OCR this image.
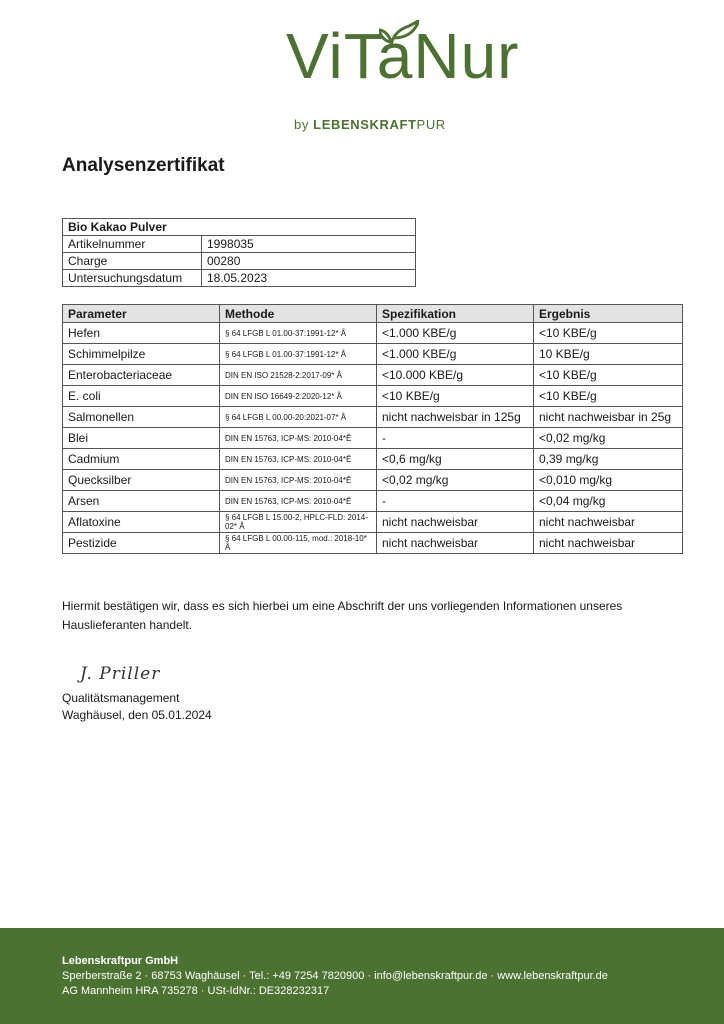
ViTaNur
by LEBENSKRAFTPUR
Analysenzertifikat
Bio Kakao Pulver	
Artikelnummer	1998035
Charge	00280
Untersuchungsdatum	18.05.2023
Parameter	Methode	Spezifikation	Ergebnis
Hefen	§ 64 LFGB L 01.00-37:1991-12* Å	<1.000 KBE/g	<10 KBE/g
Schimmelpilze	§ 64 LFGB L 01.00-37:1991-12* Å	<1.000 KBE/g	10 KBE/g
Enterobacteriaceae	DIN EN ISO 21528-2:2017-09* Å	<10.000 KBE/g	<10 KBE/g
E. coli	DIN EN ISO 16649-2:2020-12* Å	<10 KBE/g	<10 KBE/g
Salmonellen	§ 64 LFGB L 00.00-20:2021-07* Å	nicht nachweisbar in 125g	nicht nachweisbar in 25g
Blei	DIN EN 15763, ICP-MS: 2010-04*Ê	-	<0,02 mg/kg
Cadmium	DIN EN 15763, ICP-MS: 2010-04*Ê	<0,6 mg/kg	0,39 mg/kg
Quecksilber	DIN EN 15763, ICP-MS: 2010-04*Ê	<0,02 mg/kg	<0,010 mg/kg
Arsen	DIN EN 15763, ICP-MS: 2010-04*Ê	-	<0,04 mg/kg
Aflatoxine	§ 64 LFGB L 15.00-2, HPLC-FLD: 2014-02* Å	nicht nachweisbar	nicht nachweisbar
Pestizide	§ 64 LFGB L 00.00-115, mod.: 2018-10* Å	nicht nachweisbar	nicht nachweisbar

Hiermit bestätigen wir, dass es sich hierbei um eine Abschrift der uns vorliegenden Informationen unseres Hauslieferanten handelt.

J. Priller
Qualitätsmanagement
Waghäusel, den 05.01.2024
Lebenskraftpur GmbH
Sperberstraße 2 · 68753 Waghäusel · Tel.: +49 7254 7820900 · info@lebenskraftpur.de · www.lebenskraftpur.de
AG Mannheim HRA 735278 · USt-IdNr.: DE328232317
